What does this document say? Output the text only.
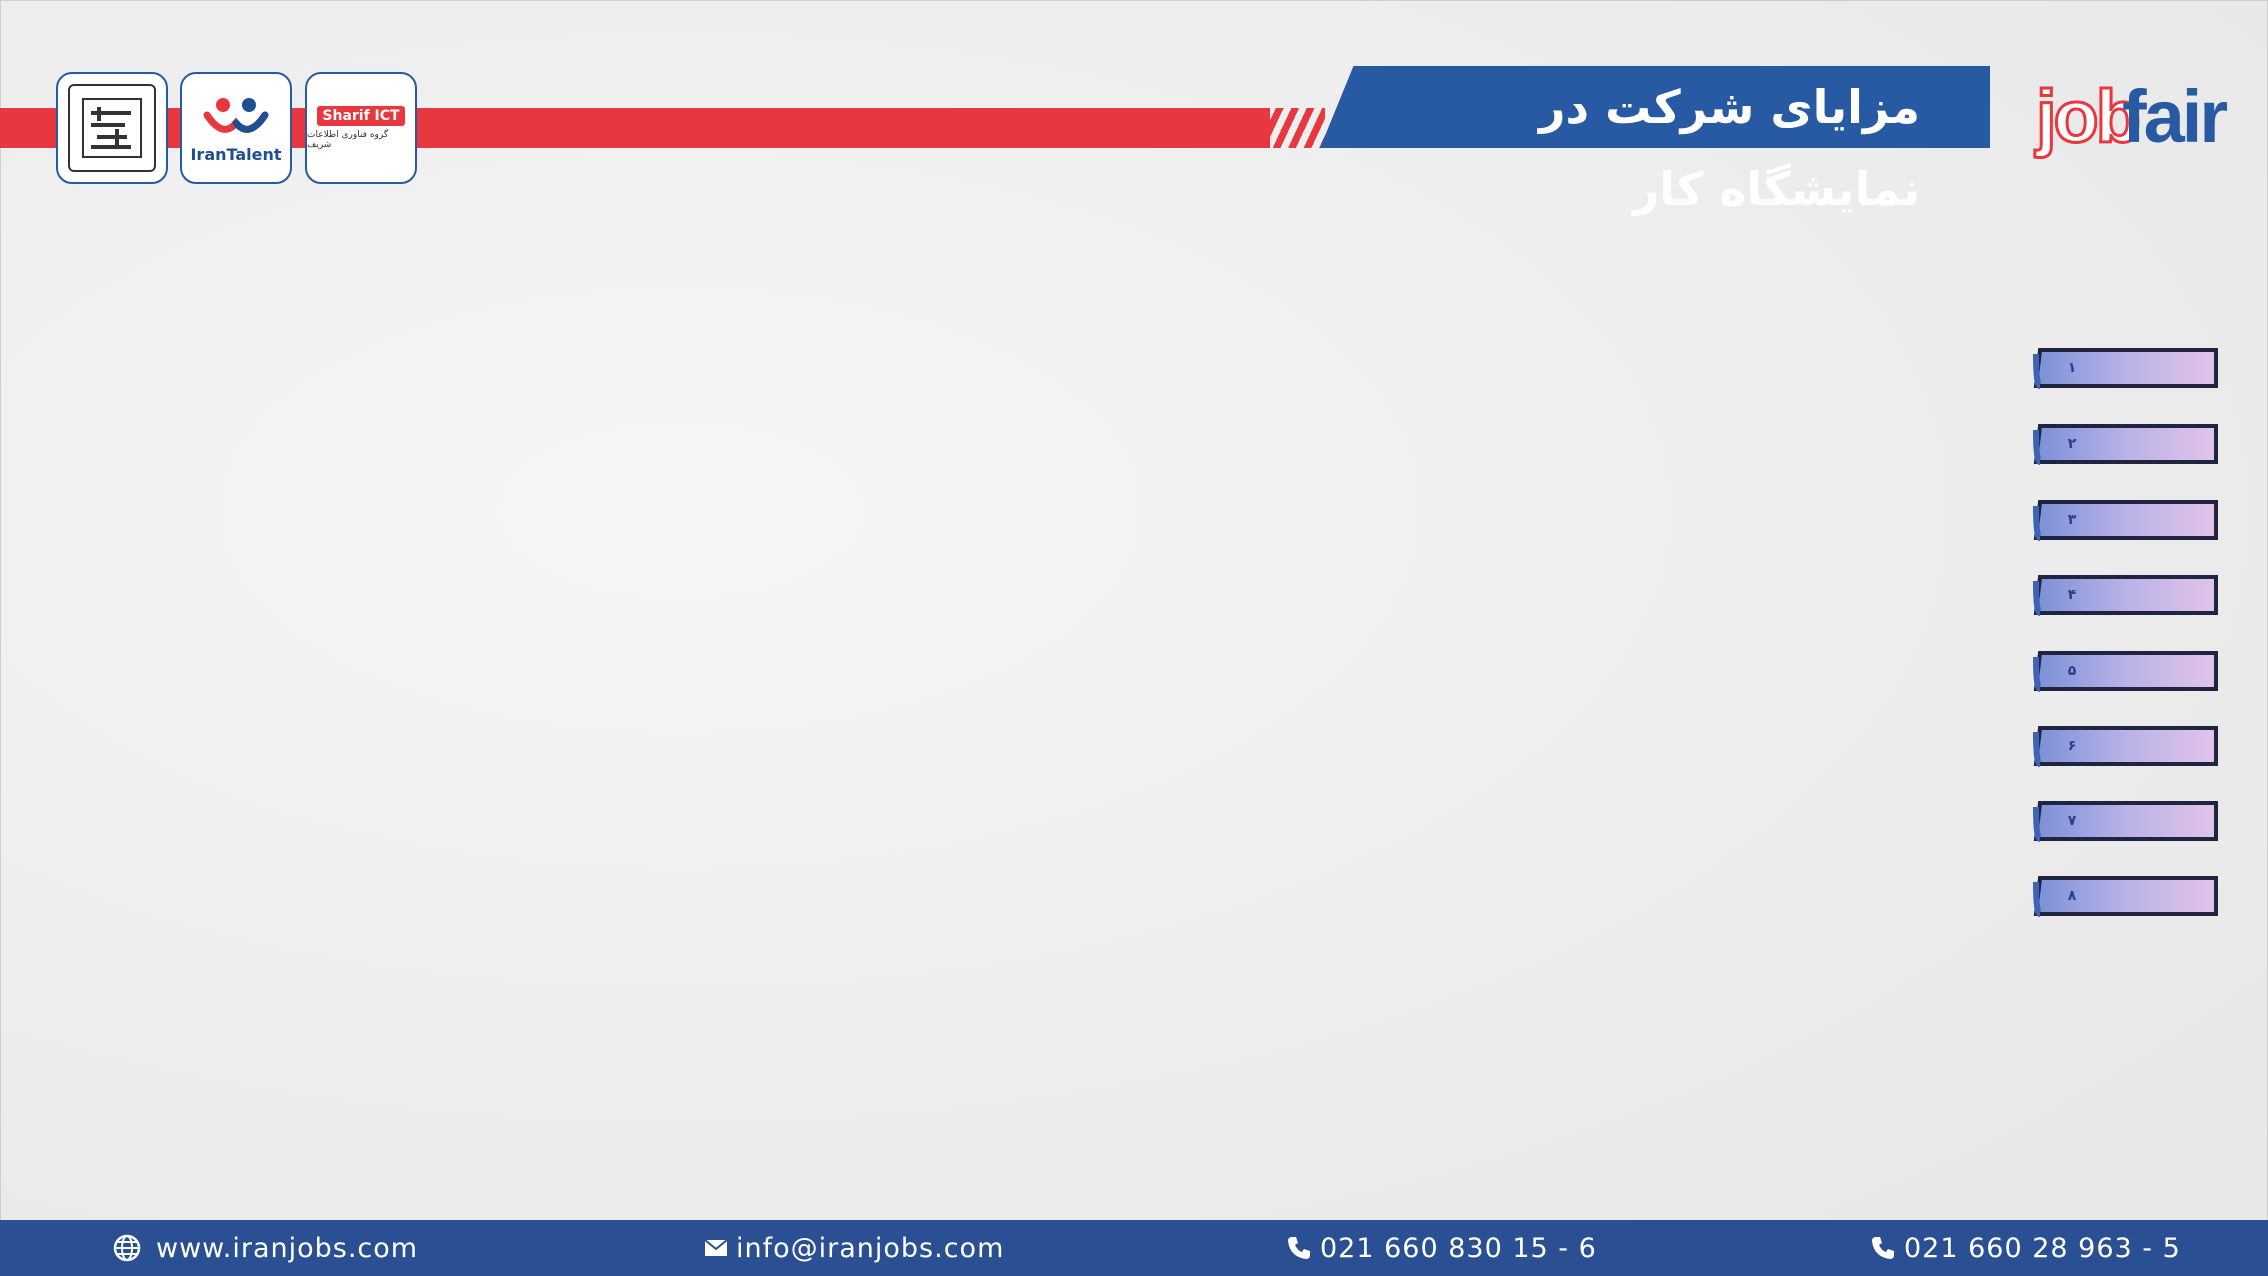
مزایای شرکت در نمایشگاه کار
job
fair
IranTalent
Sharif ICT
گروه فناوری اطلاعات شریف
۱
۲
۳
۴
۵
۶
۷
۸
www.iranjobs.com	info@iranjobs.com	021 660 830 15 - 6	021 660 28 963 - 5
